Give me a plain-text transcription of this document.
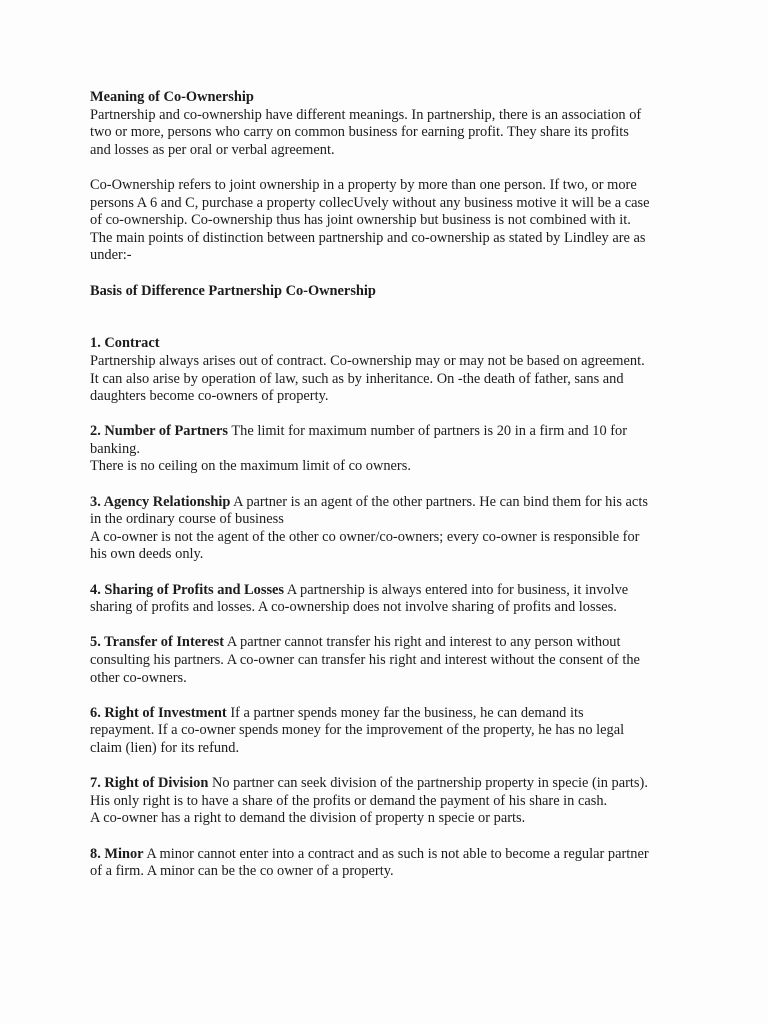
Meaning of Co-Ownership
Partnership and co-ownership have different meanings. In partnership, there is an association of
two or more, persons who carry on common business for earning profit. They share its profits
and losses as per oral or verbal agreement.
Co-Ownership refers to joint ownership in a property by more than one person. If two, or more
persons A 6 and C, purchase a property collecUvely without any business motive it will be a case
of co-ownership. Co-ownership thus has joint ownership but business is not combined with it.
The main points of distinction between partnership and co-ownership as stated by Lindley are as
under:-
Basis of Difference Partnership Co-Ownership
1. Contract
Partnership always arises out of contract. Co-ownership may or may not be based on agreement.
It can also arise by operation of law, such as by inheritance. On -the death of father, sans and
daughters become co-owners of property.
2. Number of Partners The limit for maximum number of partners is 20 in a firm and 10 for
banking.
There is no ceiling on the maximum limit of co owners.
3. Agency Relationship A partner is an agent of the other partners. He can bind them for his acts
in the ordinary course of business
A co-owner is not the agent of the other co owner/co-owners; every co-owner is responsible for
his own deeds only.
4. Sharing of Profits and Losses A partnership is always entered into for business, it involve
sharing of profits and losses. A co-ownership does not involve sharing of profits and losses.
5. Transfer of Interest A partner cannot transfer his right and interest to any person without
consulting his partners. A co-owner can transfer his right and interest without the consent of the
other co-owners.
6. Right of Investment If a partner spends money far the business, he can demand its
repayment. If a co-owner spends money for the improvement of the property, he has no legal
claim (lien) for its refund.
7. Right of Division No partner can seek division of the partnership property in specie (in parts).
His only right is to have a share of the profits or demand the payment of his share in cash.
A co-owner has a right to demand the division of property n specie or parts.
8. Minor A minor cannot enter into a contract and as such is not able to become a regular partner
of a firm. A minor can be the co owner of a property.
